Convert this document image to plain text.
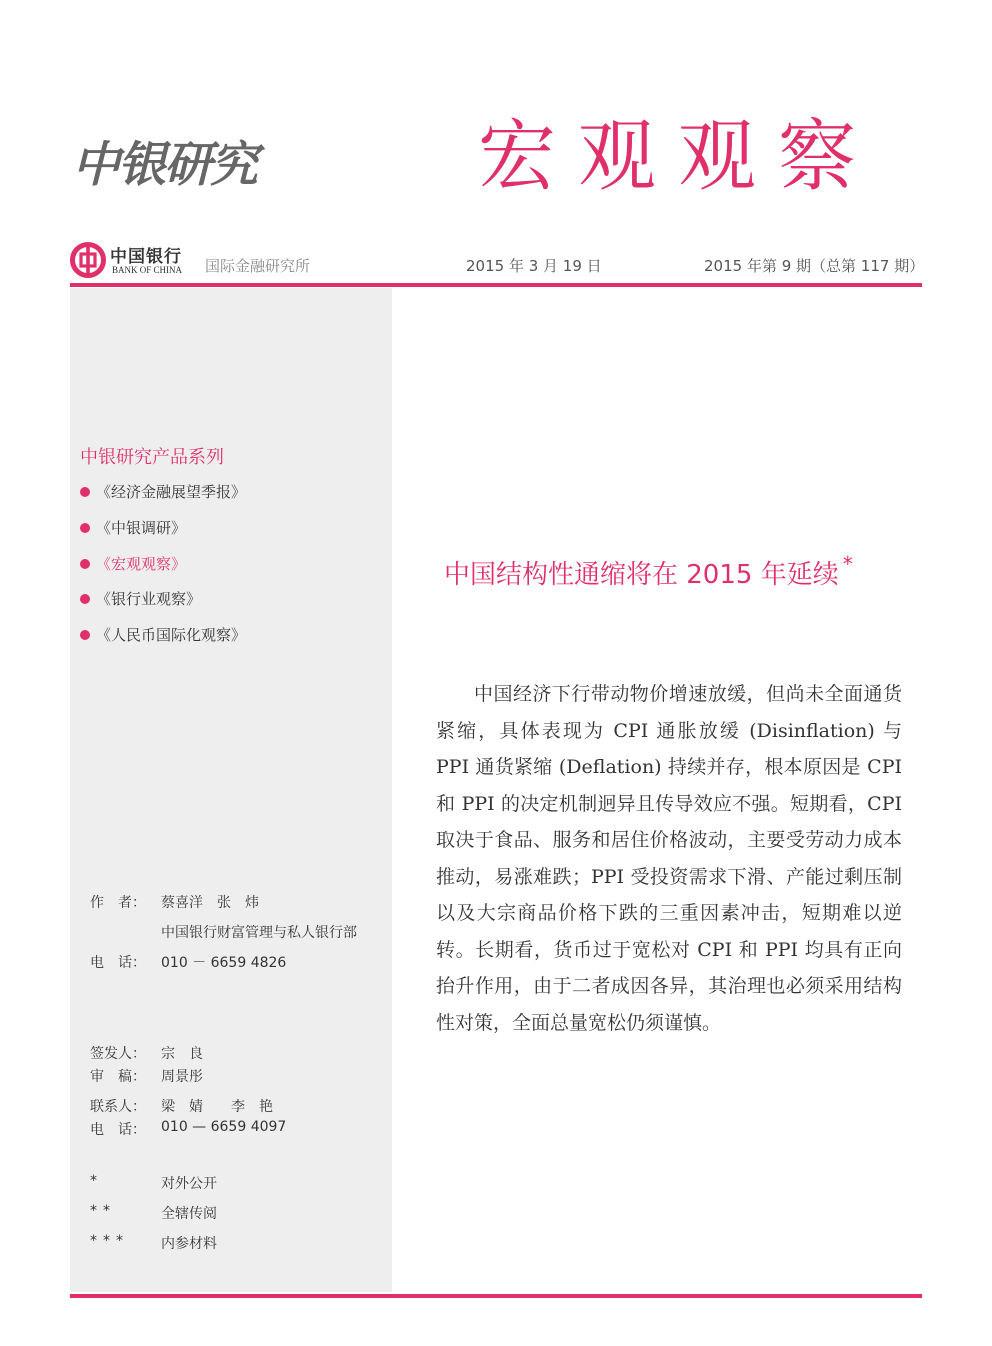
中银研究	宏观观察
中国银行
BANK OF CHINA 国际金融研究所	2015 年 3 月 19 日	2015 年第 9 期（总第 117 期）
中银研究产品系列
《经济金融展望季报》
《中银调研》
《宏观观察》
《银行业观察》
《人民币国际化观察》
作　者： 蔡喜洋　张　炜
中国银行财富管理与私人银行部
电　话： 010 － 6659 4826
签发人： 宗　良
审　稿： 周景彤
联系人： 梁　婧　　李　艳
电　话： 010 — 6659 4097
*	对外公开
**	全辖传阅
*** 内参材料
中国结构性通缩将在 2015 年延续 *
中国经济下行带动物价增速放缓，但尚未全面通货紧缩，具体表现为 CPI 通胀放缓 (Disinflation) 与 PPI 通货紧缩 (Deflation) 持续并存，根本原因是 CPI 和 PPI 的决定机制迥异且传导效应不强。短期看，CPI 取决于食品、服务和居住价格波动，主要受劳动力成本推动，易涨难跌；PPI 受投资需求下滑、产能过剩压制以及大宗商品价格下跌的三重因素冲击，短期难以逆转。长期看，货币过于宽松对 CPI 和 PPI 均具有正向抬升作用，由于二者成因各异，其治理也必须采用结构性对策，全面总量宽松仍须谨慎。
